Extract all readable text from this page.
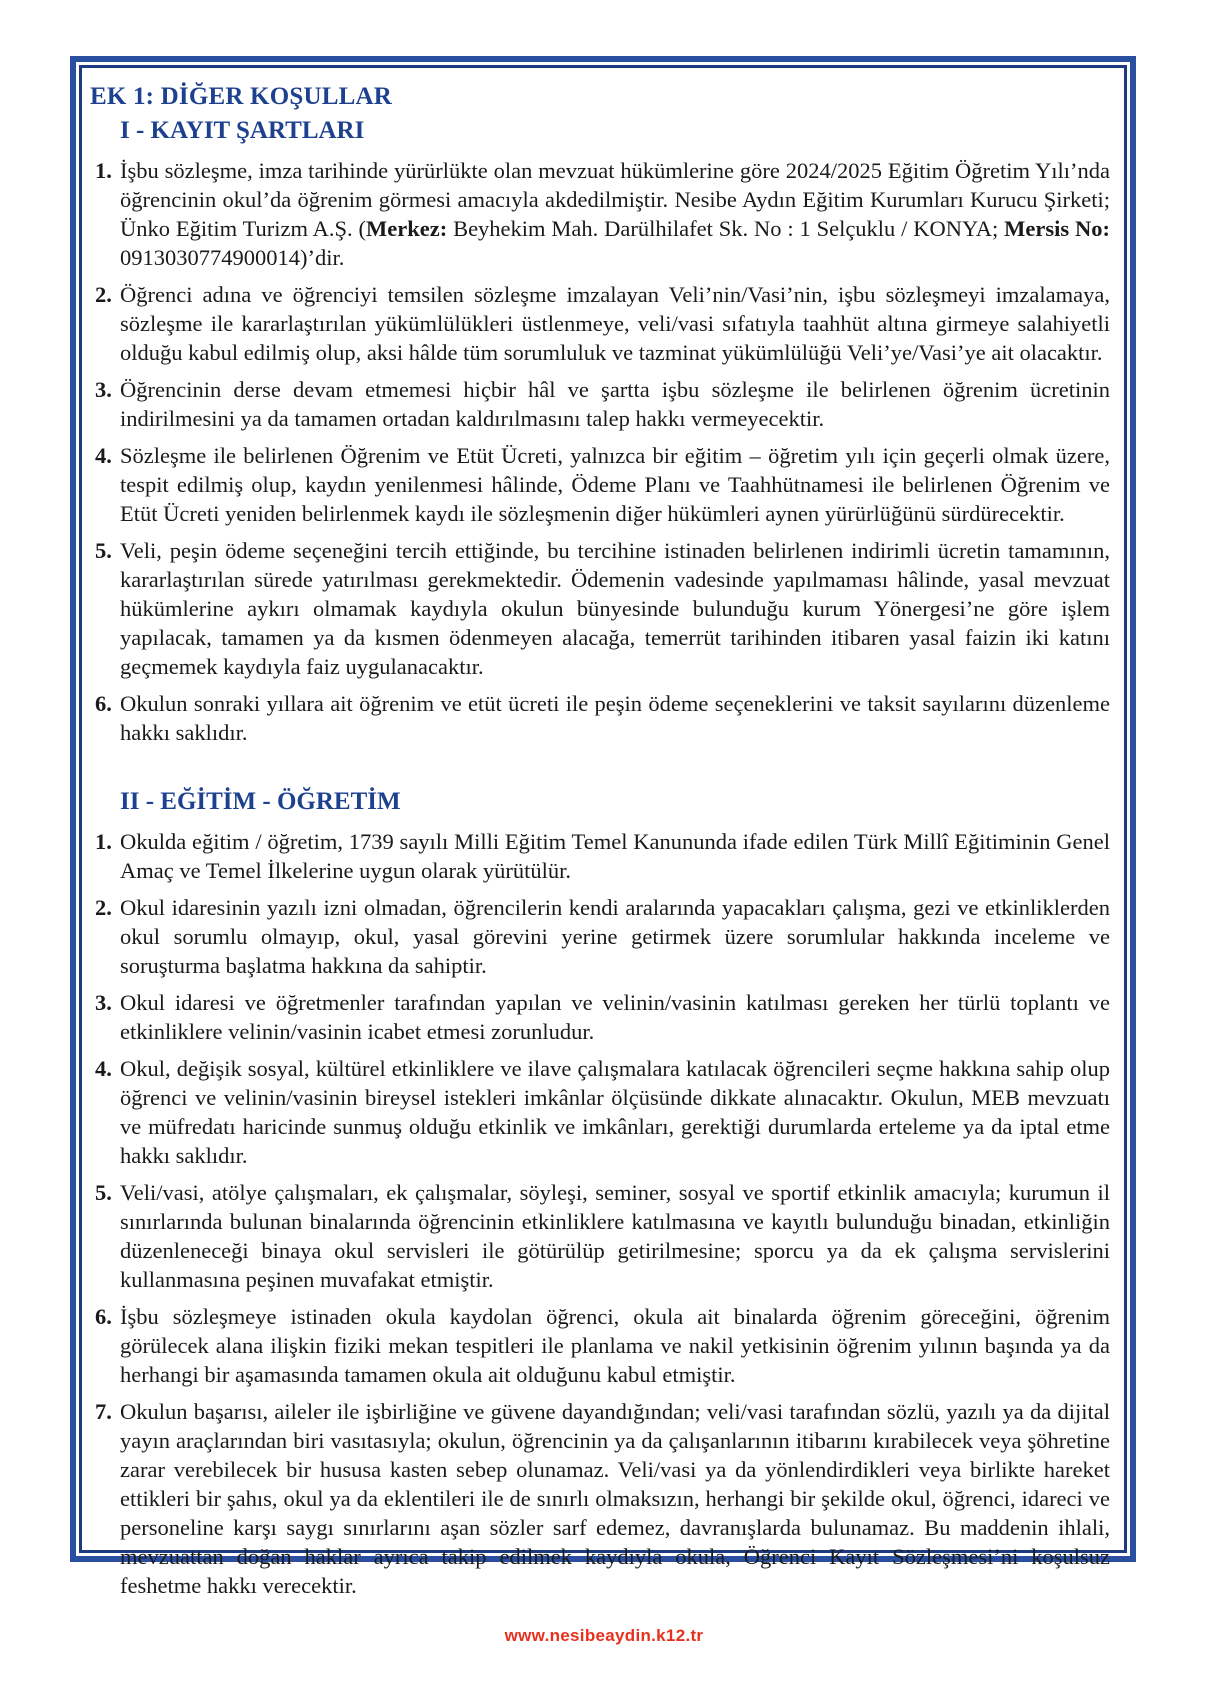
EK 1: DİĞER KOŞULLAR
I - KAYIT ŞARTLARI
1. İşbu sözleşme, imza tarihinde yürürlükte olan mevzuat hükümlerine göre 2024/2025 Eğitim Öğretim Yılı’nda öğrencinin okul’da öğrenim görmesi amacıyla akdedilmiştir. Nesibe Aydın Eğitim Kurumları Kurucu Şirketi; Ünko Eğitim Turizm A.Ş. (Merkez: Beyhekim Mah. Darülhilafet Sk. No : 1 Selçuklu / KONYA; Mersis No: 0913030774900014)’dir.
2. Öğrenci adına ve öğrenciyi temsilen sözleşme imzalayan Veli’nin/Vasi’nin, işbu sözleşmeyi imzalamaya, sözleşme ile kararlaştırılan yükümlülükleri üstlenmeye, veli/vasi sıfatıyla taahhüt altına girmeye salahiyetli olduğu kabul edilmiş olup, aksi hâlde tüm sorumluluk ve tazminat yükümlülüğü Veli’ye/Vasi’ye ait olacaktır.
3. Öğrencinin derse devam etmemesi hiçbir hâl ve şartta işbu sözleşme ile belirlenen öğrenim ücretinin indirilmesini ya da tamamen ortadan kaldırılmasını talep hakkı vermeyecektir.
4. Sözleşme ile belirlenen Öğrenim ve Etüt Ücreti, yalnızca bir eğitim – öğretim yılı için geçerli olmak üzere, tespit edilmiş olup, kaydın yenilenmesi hâlinde, Ödeme Planı ve Taahhütnamesi ile belirlenen Öğrenim ve Etüt Ücreti yeniden belirlenmek kaydı ile sözleşmenin diğer hükümleri aynen yürürlüğünü sürdürecektir.
5. Veli, peşin ödeme seçeneğini tercih ettiğinde, bu tercihine istinaden belirlenen indirimli ücretin tamamının, kararlaştırılan sürede yatırılması gerekmektedir. Ödemenin vadesinde yapılmaması hâlinde, yasal mevzuat hükümlerine aykırı olmamak kaydıyla okulun bünyesinde bulunduğu kurum Yönergesi’ne göre işlem yapılacak, tamamen ya da kısmen ödenmeyen alacağa, temerrüt tarihinden itibaren yasal faizin iki katını geçmemek kaydıyla faiz uygulanacaktır.
6. Okulun sonraki yıllara ait öğrenim ve etüt ücreti ile peşin ödeme seçeneklerini ve taksit sayılarını düzenleme hakkı saklıdır.
II - EĞİTİM - ÖĞRETİM
1. Okulda eğitim / öğretim, 1739 sayılı Milli Eğitim Temel Kanununda ifade edilen Türk Millî Eğitiminin Genel Amaç ve Temel İlkelerine uygun olarak yürütülür.
2. Okul idaresinin yazılı izni olmadan, öğrencilerin kendi aralarında yapacakları çalışma, gezi ve etkinliklerden okul sorumlu olmayıp, okul, yasal görevini yerine getirmek üzere sorumlular hakkında inceleme ve soruşturma başlatma hakkına da sahiptir.
3. Okul idaresi ve öğretmenler tarafından yapılan ve velinin/vasinin katılması gereken her türlü toplantı ve etkinliklere velinin/vasinin icabet etmesi zorunludur.
4. Okul, değişik sosyal, kültürel etkinliklere ve ilave çalışmalara katılacak öğrencileri seçme hakkına sahip olup öğrenci ve velinin/vasinin bireysel istekleri imkânlar ölçüsünde dikkate alınacaktır. Okulun, MEB mevzuatı ve müfredatı haricinde sunmuş olduğu etkinlik ve imkânları, gerektiği durumlarda erteleme ya da iptal etme hakkı saklıdır.
5. Veli/vasi, atölye çalışmaları, ek çalışmalar, söyleşi, seminer, sosyal ve sportif etkinlik amacıyla; kurumun il sınırlarında bulunan binalarında öğrencinin etkinliklere katılmasına ve kayıtlı bulunduğu binadan, etkinliğin düzenleneceği binaya okul servisleri ile götürülüp getirilmesine; sporcu ya da ek çalışma servislerini kullanmasına peşinen muvafakat etmiştir.
6. İşbu sözleşmeye istinaden okula kaydolan öğrenci, okula ait binalarda öğrenim göreceğini, öğrenim görülecek alana ilişkin fiziki mekan tespitleri ile planlama ve nakil yetkisinin öğrenim yılının başında ya da herhangi bir aşamasında tamamen okula ait olduğunu kabul etmiştir.
7. Okulun başarısı, aileler ile işbirliğine ve güvene dayandığından; veli/vasi tarafından sözlü, yazılı ya da dijital yayın araçlarından biri vasıtasıyla; okulun, öğrencinin ya da çalışanlarının itibarını kırabilecek veya şöhretine zarar verebilecek bir hususa kasten sebep olunamaz. Veli/vasi ya da yönlendirdikleri veya birlikte hareket ettikleri bir şahıs, okul ya da eklentileri ile de sınırlı olmaksızın, herhangi bir şekilde okul, öğrenci, idareci ve personeline karşı saygı sınırlarını aşan sözler sarf edemez, davranışlarda bulunamaz. Bu maddenin ihlali, mevzuattan doğan haklar ayrıca takip edilmek kaydıyla okula, Öğrenci Kayıt Sözleşmesi’ni koşulsuz feshetme hakkı verecektir.
www.nesibeaydin.k12.tr
